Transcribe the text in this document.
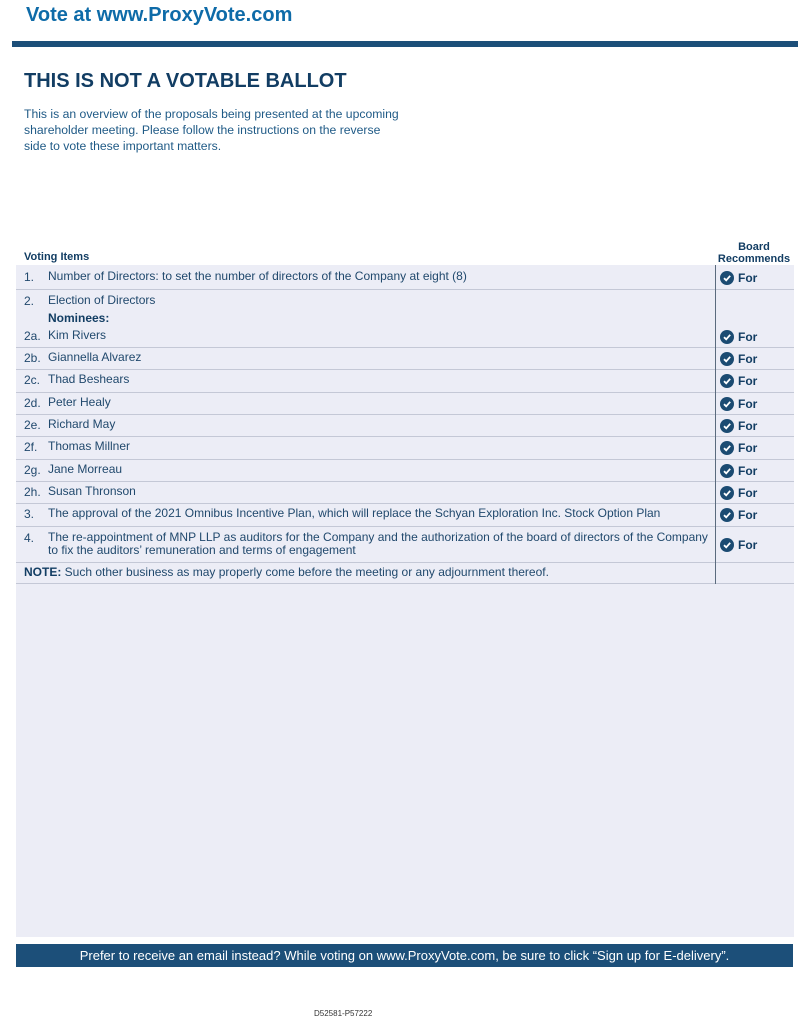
Vote at www.ProxyVote.com
THIS IS NOT A VOTABLE BALLOT
This is an overview of the proposals being presented at the upcoming shareholder meeting. Please follow the instructions on the reverse side to vote these important matters.
Voting Items
Board
Recommends
1. Number of Directors: to set the number of directors of the Company at eight (8)	For
2. Election of Directors
Nominees:
2a. Kim Rivers	For
2b. Giannella Alvarez	For
2c. Thad Beshears	For
2d. Peter Healy	For
2e. Richard May	For
2f. Thomas Millner	For
2g. Jane Morreau	For
2h. Susan Thronson	For
3. The approval of the 2021 Omnibus Incentive Plan, which will replace the Schyan Exploration Inc. Stock Option Plan	For
4. The re-appointment of MNP LLP as auditors for the Company and the authorization of the board of directors of the Company to fix the auditors’ remuneration and terms of engagement	For
NOTE: Such other business as may properly come before the meeting or any adjournment thereof.
Prefer to receive an email instead? While voting on www.ProxyVote.com, be sure to click “Sign up for E-delivery”.
D52581-P57222
